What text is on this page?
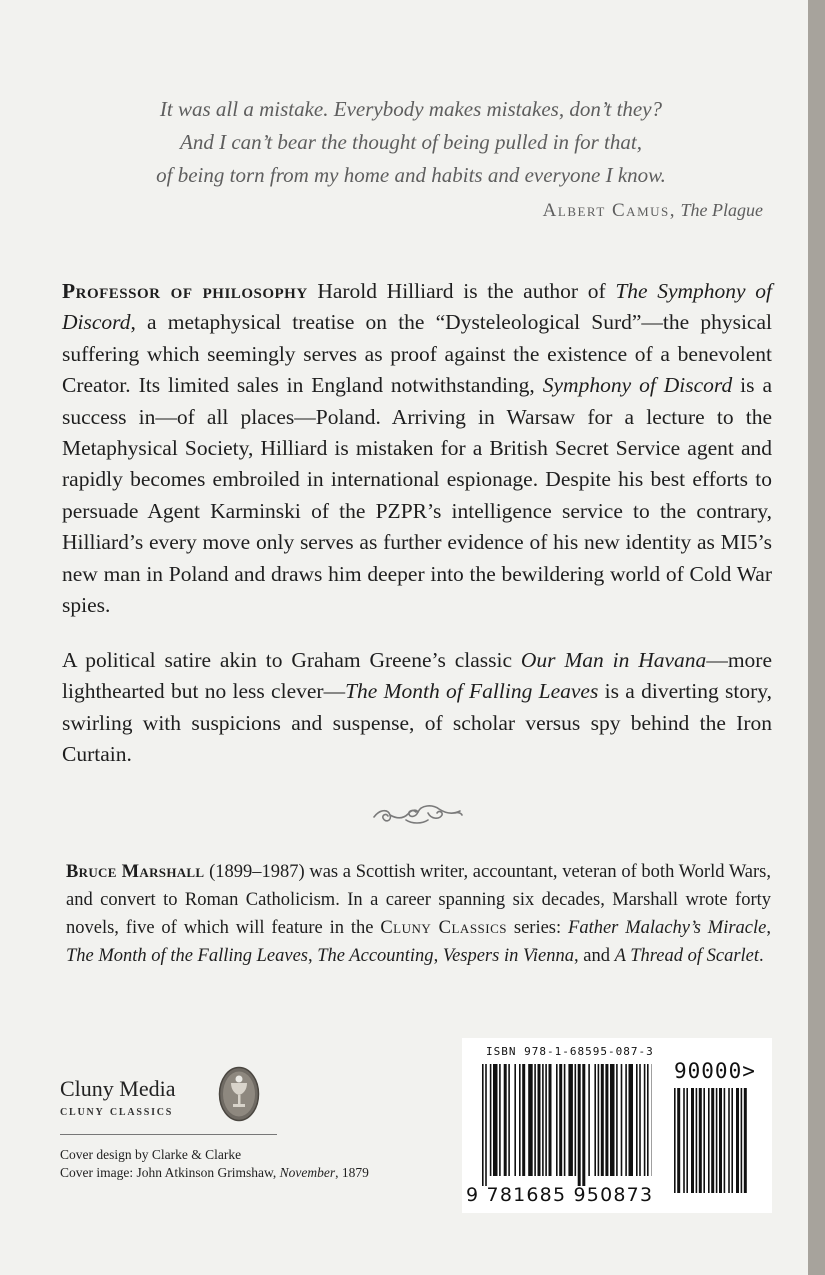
It was all a mistake. Everybody makes mistakes, don’t they?

And I can’t bear the thought of being pulled in for that,

of being torn from my home and habits and everyone I know.

Albert Camus, The Plague
Professor of philosophy Harold Hilliard is the author of The Symphony of Discord, a metaphysical treatise on the “Dysteleological Surd”—the physical suffering which seemingly serves as proof against the existence of a benevolent Creator. Its limited sales in England notwithstanding, Symphony of Discord is a success in—of all places—Poland. Arriving in Warsaw for a lecture to the Metaphysical Society, Hilliard is mistaken for a British Secret Service agent and rapidly becomes embroiled in international espionage. Despite his best efforts to persuade Agent Karminski of the PZPR’s intelligence service to the contrary, Hilliard’s every move only serves as further evidence of his new identity as MI5’s new man in Poland and draws him deeper into the bewildering world of Cold War spies.
A political satire akin to Graham Greene’s classic Our Man in Havana—more lighthearted but no less clever—The Month of Falling Leaves is a diverting story, swirling with suspicions and suspense, of scholar versus spy behind the Iron Curtain.
Bruce Marshall (1899–1987) was a Scottish writer, accountant, veteran of both World Wars, and convert to Roman Catholicism. In a career spanning six decades, Marshall wrote forty novels, five of which will feature in the Cluny Classics series: Father Malachy’s Miracle, The Month of the Falling Leaves, The Accounting, Vespers in Vienna, and A Thread of Scarlet.
Cluny Media
cluny classics
Cover design by Clarke & Clarke
Cover image: John Atkinson Grimshaw, November, 1879
ISBN 978-1-68595-087-3
90000>
9 781685 950873
